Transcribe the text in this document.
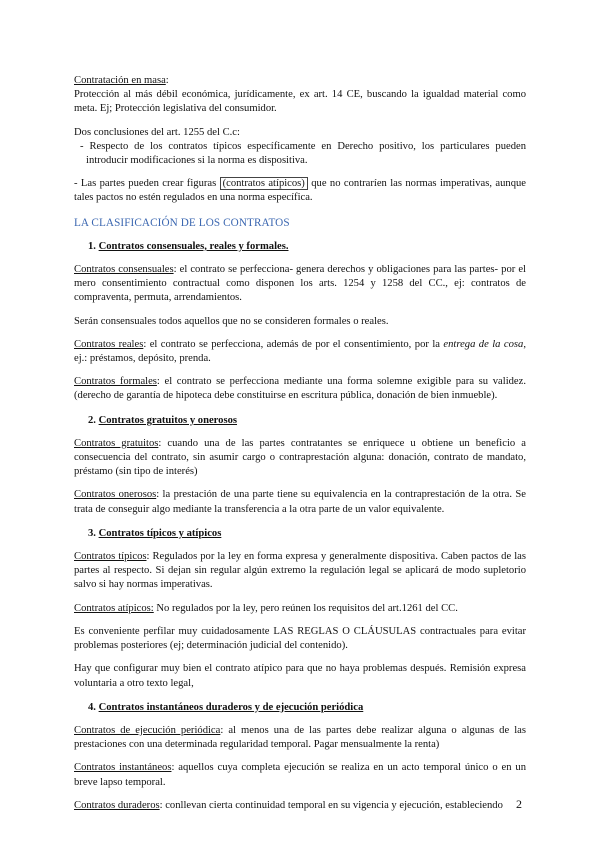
Contratación en masa:
Protección al más débil económica, jurídicamente, ex art. 14 CE, buscando la igualdad material como meta. Ej; Protección legislativa del consumidor.

Dos conclusiones del art. 1255 del C.c:

- Respecto de los contratos típicos específicamente en Derecho positivo, los particulares pueden introducir modificaciones si la norma es dispositiva.

- Las partes pueden crear figuras (contratos atípicos) que no contraríen las normas imperativas, aunque tales pactos no estén regulados en una norma específica.

LA CLASIFICACIÓN DE LOS CONTRATOS

1. Contratos consensuales, reales y formales.

Contratos consensuales: el contrato se perfecciona- genera derechos y obligaciones para las partes- por el mero consentimiento contractual como disponen los arts. 1254 y 1258 del CC., ej: contratos de compraventa, permuta, arrendamientos.

Serán consensuales todos aquellos que no se consideren formales o reales.

Contratos reales: el contrato se perfecciona, además de por el consentimiento, por la entrega de la cosa, ej.: préstamos, depósito, prenda.

Contratos formales: el contrato se perfecciona mediante una forma solemne exigible para su validez. (derecho de garantía de hipoteca debe constituirse en escritura pública, donación de bien inmueble).

2. Contratos gratuitos y onerosos

Contratos gratuitos: cuando una de las partes contratantes se enriquece u obtiene un beneficio a consecuencia del contrato, sin asumir cargo o contraprestación alguna: donación, contrato de mandato, préstamo (sin tipo de interés)

Contratos onerosos: la prestación de una parte tiene su equivalencia en la contraprestación de la otra. Se trata de conseguir algo mediante la transferencia a la otra parte de un valor equivalente.

3. Contratos típicos y atípicos

Contratos típicos: Regulados por la ley en forma expresa y generalmente dispositiva. Caben pactos de las partes al respecto. Si dejan sin regular algún extremo la regulación legal se aplicará de modo supletorio salvo si hay normas imperativas.

Contratos atípicos: No regulados por la ley, pero reúnen los requisitos del art.1261 del CC.

Es conveniente perfilar muy cuidadosamente LAS REGLAS O CLÁUSULAS contractuales para evitar problemas posteriores (ej; determinación judicial del contenido).

Hay que configurar muy bien el contrato atípico para que no haya problemas después. Remisión expresa voluntaria a otro texto legal,

4. Contratos instantáneos duraderos y de ejecución periódica

Contratos de ejecución periódica: al menos una de las partes debe realizar alguna o algunas de las prestaciones con una determinada regularidad temporal. Pagar mensualmente la renta)

Contratos instantáneos: aquellos cuya completa ejecución se realiza en un acto temporal único o en un breve lapso temporal.

Contratos duraderos: conllevan cierta continuidad temporal en su vigencia y ejecución, estableciendo	2
